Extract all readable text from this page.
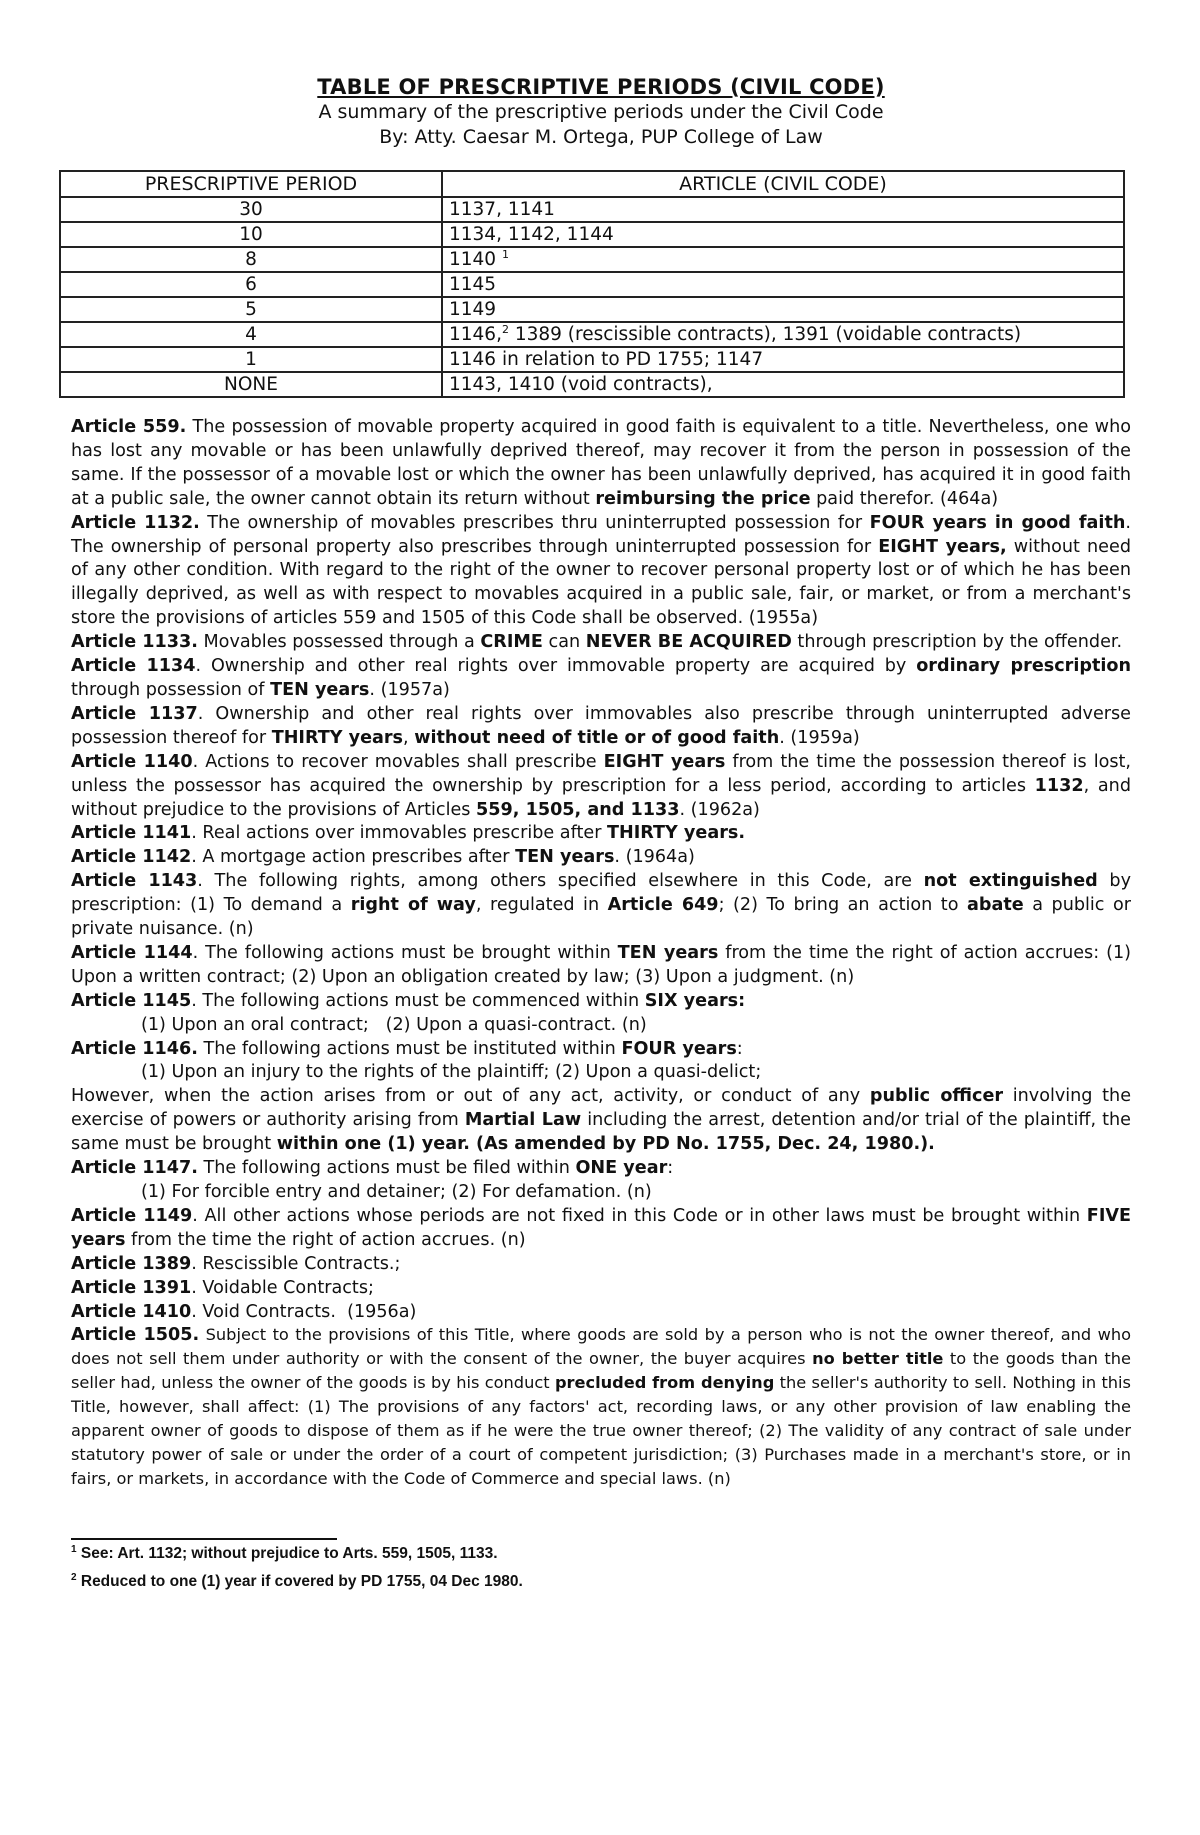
TABLE OF PRESCRIPTIVE PERIODS (CIVIL CODE)
A summary of the prescriptive periods under the Civil Code
By: Atty. Caesar M. Ortega, PUP College of Law
PRESCRIPTIVE PERIOD	ARTICLE (CIVIL CODE)
30	1137, 1141
10	1134, 1142, 1144
8	1140 $^1$
6	1145
5	1149
4	1146,$^2$ 1389 (rescissible contracts), 1391 (voidable contracts)
1	1146 in relation to PD 1755; 1147
NONE	1143, 1410 (void contracts),

Article 559. The possession of movable property acquired in good faith is equivalent to a title. Nevertheless, one who has lost any movable or has been unlawfully deprived thereof, may recover it from the person in possession of the same. If the possessor of a movable lost or which the owner has been unlawfully deprived, has acquired it in good faith at a public sale, the owner cannot obtain its return without reimbursing the price paid therefor. (464a)

Article 1132. The ownership of movables prescribes thru uninterrupted possession for FOUR years in good faith. The ownership of personal property also prescribes through uninterrupted possession for EIGHT years, without need of any other condition. With regard to the right of the owner to recover personal property lost or of which he has been illegally deprived, as well as with respect to movables acquired in a public sale, fair, or market, or from a merchant's store the provisions of articles 559 and 1505 of this Code shall be observed. (1955a)

Article 1133. Movables possessed through a CRIME can NEVER BE ACQUIRED through prescription by the offender.

Article 1134. Ownership and other real rights over immovable property are acquired by ordinary prescription through possession of TEN years. (1957a)

Article 1137. Ownership and other real rights over immovables also prescribe through uninterrupted adverse possession thereof for THIRTY years, without need of title or of good faith. (1959a)

Article 1140. Actions to recover movables shall prescribe EIGHT years from the time the possession thereof is lost, unless the possessor has acquired the ownership by prescription for a less period, according to articles 1132, and without prejudice to the provisions of Articles 559, 1505, and 1133. (1962a)

Article 1141. Real actions over immovables prescribe after THIRTY years.

Article 1142. A mortgage action prescribes after TEN years. (1964a)

Article 1143. The following rights, among others specified elsewhere in this Code, are not extinguished by prescription: (1) To demand a right of way, regulated in Article 649; (2) To bring an action to abate a public or private nuisance. (n)

Article 1144. The following actions must be brought within TEN years from the time the right of action accrues: (1) Upon a written contract; (2) Upon an obligation created by law; (3) Upon a judgment. (n)

Article 1145. The following actions must be commenced within SIX years:

(1) Upon an oral contract;   (2) Upon a quasi-contract. (n)

Article 1146. The following actions must be instituted within FOUR years:

(1) Upon an injury to the rights of the plaintiff; (2) Upon a quasi-delict;

However, when the action arises from or out of any act, activity, or conduct of any public officer involving the exercise of powers or authority arising from Martial Law including the arrest, detention and/or trial of the plaintiff, the same must be brought within one (1) year. (As amended by PD No. 1755, Dec. 24, 1980.).

Article 1147. The following actions must be filed within ONE year:

(1) For forcible entry and detainer; (2) For defamation. (n)

Article 1149. All other actions whose periods are not fixed in this Code or in other laws must be brought within FIVE years from the time the right of action accrues. (n)

Article 1389. Rescissible Contracts.;

Article 1391. Voidable Contracts;

Article 1410. Void Contracts.  (1956a)

Article 1505. Subject to the provisions of this Title, where goods are sold by a person who is not the owner thereof, and who does not sell them under authority or with the consent of the owner, the buyer acquires no better title to the goods than the seller had, unless the owner of the goods is by his conduct precluded from denying the seller's authority to sell. Nothing in this Title, however, shall affect: (1) The provisions of any factors' act, recording laws, or any other provision of law enabling the apparent owner of goods to dispose of them as if he were the true owner thereof; (2) The validity of any contract of sale under statutory power of sale or under the order of a court of competent jurisdiction; (3) Purchases made in a merchant's store, or in fairs, or markets, in accordance with the Code of Commerce and special laws. (n)

$^1$ See: Art. 1132; without prejudice to Arts. 559, 1505, 1133.
$^2$ Reduced to one (1) year if covered by PD 1755, 04 Dec 1980.
